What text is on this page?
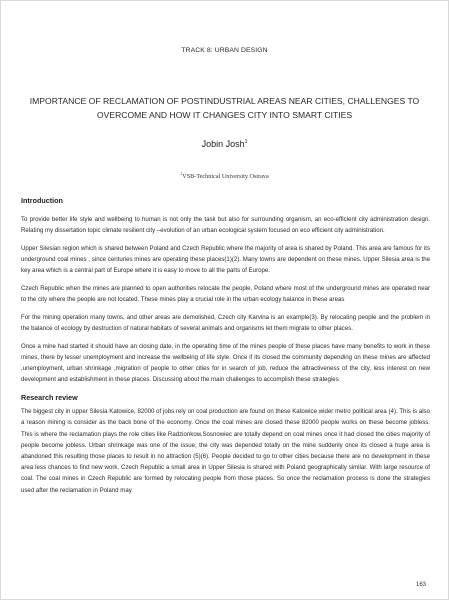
TRACK 8: URBAN DESIGN
IMPORTANCE OF RECLAMATION OF POSTINDUSTRIAL AREAS NEAR CITIES, CHALLENGES TO OVERCOME AND HOW IT CHANGES CITY INTO SMART CITIES
Jobin Josh$^1$
$^1$VSB-Technical University Ostrava
Introduction

To provide better life style and wellbeing to human is not only the task but also for surrounding organism, an eco-efficient city administration design. Relating my dissertation topic climate resilient city –evolution of an urban ecological system focused on eco efficient city administration.

Upper Silesian region which is shared between Poland and Czech Republic where the majority of area is shared by Poland. This area are famous for its underground coal mines , since centuries mines are operating these places(1)(2). Many towns are dependent on these mines. Upper Silesia area is the key area which is a central part of Europe where it is easy to move to all the parts of Europe.

Czech Republic when the mines are planned to open authorities relocate the people, Poland where most of the underground mines are operated near to the city where the people are not located. These mines play a crucial role in the urban ecology balance in these areas

For the mining operation many towns, and other areas are demolished, Czech city Karvina is an example(3). By relocating people and the problem in the balance of ecology by destruction of natural habitats of several animals and organisms let them migrate to other places.

Once a mine had started it should have an closing date, in the operating time of the mines people of these places have many benefits to work in these mines, there by lesser unemployment and increase the wellbeing of life style. Once if its closed the community depending on these mines are affected ,unemployment, urban shrinkage ,migration of people to other cities for in search of job, reduce the attractiveness of the city, less interest on new development and establishment in these places. Discussing about the main challenges to accomplish these strategies

Research review

The biggest city in upper Silesia Katowice, 82000 of jobs rely on coal production are found on these Katowice wider metro political area (4). This is also a reason mining is consider as the back bone of the economy. Once the coal mines are closed these 82000 people works on these become jobless. This is where the reclamation plays the role cities like Radzionkow,Sosnowiec are totally depend on coal mines once it had closed the cities majority of people become jobless. Urban shrinkage was one of the issue, the city was depended totally on the mine suddenly once its closed a huge area is abandoned this resulting those places to result in no attraction (5)(6). People decided to go to other cities because there are no development in these area less chances to find new work. Czech Republic a small area in Upper Silesia is shared with Poland geographically similar. With large resource of coal. The coal mines in Czech Republic are formed by relocating people from those places. So once the reclamation process is done the strategies used after the reclamation in Poland may

163
